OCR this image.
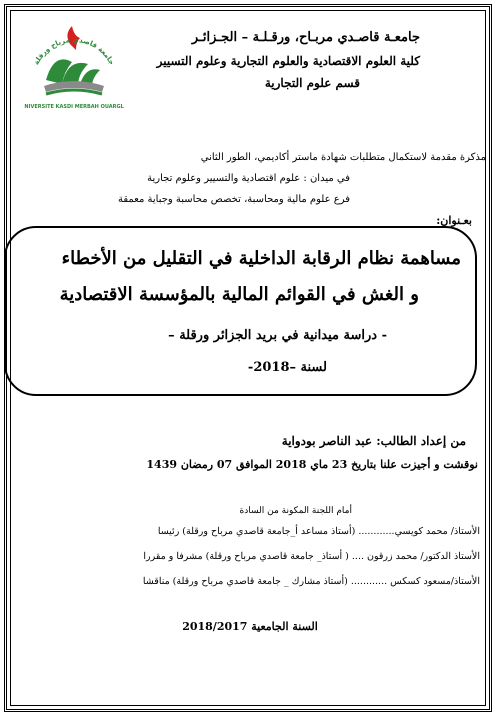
جامعـة قاصـدي مربـاح، ورقـلـة – الجـزائـر
كلية العلوم الاقتصادية والعلوم التجارية وعلوم التسيير
قسم علوم التجارية
جامعة قاصدي مرباح ورقلة
UNIVERSITE KASDI MERBAH OUARGLA
مذكرة مقدمة لاستكمال متطلبات شهادة ماستر أكاديمي، الطور الثاني
في ميدان : علوم اقتصادية والتسيير وعلوم تجارية
فرع علوم مالية ومحاسبة، تخصص محاسبة وجباية معمقة
بعـنوان:
مساهمة نظام الرقابة الداخلية في التقليل من الأخطاء
و الغش في القوائم المالية بالمؤسسة الاقتصادية
- دراسة ميدانية في بريد الجزائر ورقلة –
لسنة –2018-
من إعداد الطالب: عبد الناصر بودواية
نوقشت و أجيزت علنا بتاريخ 23 ماي 2018 الموافق 07 رمضان 1439
أمام اللجنة المكونة من السادة
الأستاذ/ محمد كويسي............ (أستاذ مساعد أ_جامعة قاصدي مرباح ورقلة) رئيسا
الأستاذ الدكتور/ محمد زرقون .... ( أستاذ_ جامعة قاصدي مرباح ورقلة) مشرفا و مقررا
الأستاذ/مسعود كسكس ............ (أستاذ مشارك _ جامعة قاصدي مرباح ورقلة) مناقشا
السنة الجامعية 2018/2017
